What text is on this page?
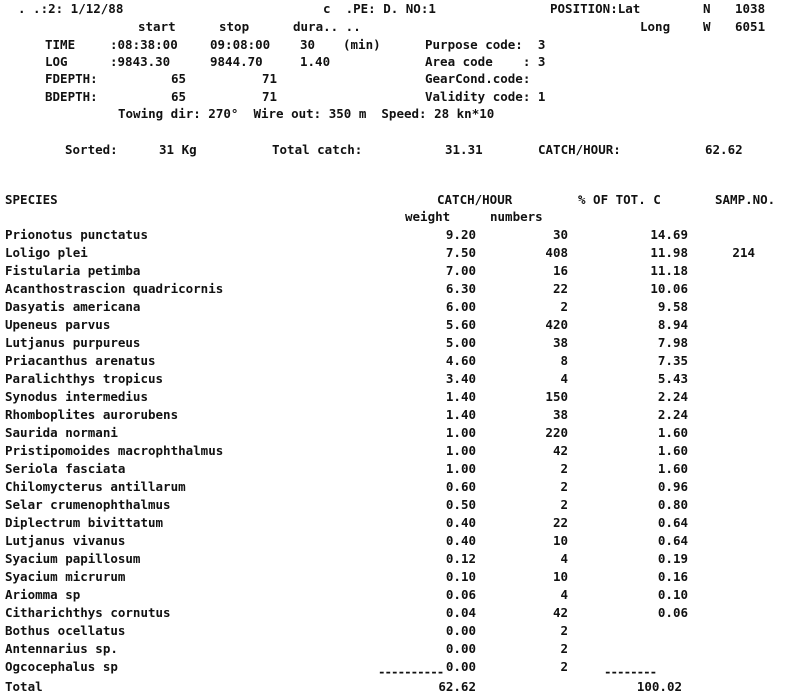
. .:2: 1/12/88	c  .PE: D. NO:1	POSITION:Lat	N 1038
start	stop	dura.. ..	Long	W 6051
TIME	:08:38:00	09:08:00 30 (min)	Purpose code:  3
LOG	:9843.30	9844.70	1.40	Area code    : 3
FDEPTH:	65	71	GearCond.code:
BDEPTH:	65	71	Validity code: 1
Towing dir: 270°  Wire out: 350 m  Speed: 28 kn*10
Sorted:	31 Kg	Total catch:	31.31	CATCH/HOUR:	62.62
SPECIES	CATCH/HOUR	% OF TOT. C	SAMP.NO.
weight	numbers
Prionotus punctatus	9.20	30	14.69
Loligo plei	7.50	408	11.98	214
Fistularia petimba	7.00	16	11.18
Acanthostrascion quadricornis	6.30	22	10.06
Dasyatis americana	6.00	2	9.58
Upeneus parvus	5.60	420	8.94
Lutjanus purpureus	5.00	38	7.98
Priacanthus arenatus	4.60	8	7.35
Paralichthys tropicus	3.40	4	5.43
Synodus intermedius	1.40	150	2.24
Rhomboplites aurorubens	1.40	38	2.24
Saurida normani	1.00	220	1.60
Pristipomoides macrophthalmus	1.00	42	1.60
Seriola fasciata	1.00	2	1.60
Chilomycterus antillarum	0.60	2	0.96
Selar crumenophthalmus	0.50	2	0.80
Diplectrum bivittatum	0.40	22	0.64
Lutjanus vivanus	0.40	10	0.64
Syacium papillosum	0.12	4	0.19
Syacium micrurum	0.10	10	0.16
Ariomma sp	0.06	4	0.10
Citharichthys cornutus	0.04	42	0.06
Bothus ocellatus	0.00	2
Antennarius sp.	0.00	2
Ogcocephalus sp	0.00	2
----------	--------
Total	62.62	100.02
